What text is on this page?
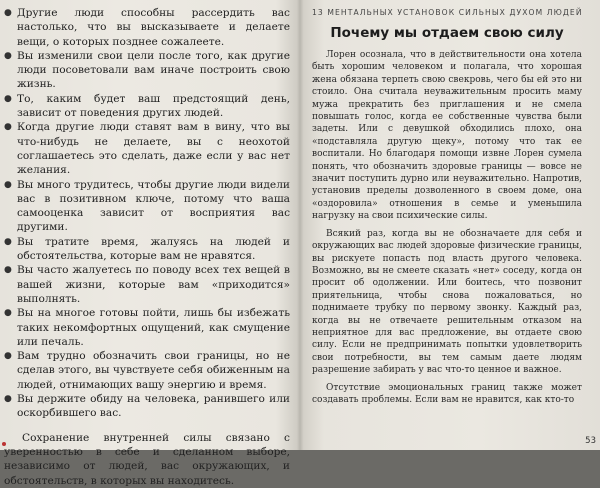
● Другие люди способны рассердить вас настолько, что вы высказываете и делаете вещи, о которых позднее сожалеете.
● Вы изменили свои цели после того, как другие люди посоветовали вам иначе построить свою жизнь.
● То, каким будет ваш предстоящий день, зависит от поведения других людей.
● Когда другие люди ставят вам в вину, что вы что-нибудь не делаете, вы с неохотой соглашаетесь это сделать, даже если у вас нет желания.
● Вы много трудитесь, чтобы другие люди видели вас в позитивном ключе, потому что ваша самооценка зависит от восприятия вас другими.
● Вы тратите время, жалуясь на людей и обстоятельства, которые вам не нравятся.
● Вы часто жалуетесь по поводу всех тех вещей в вашей жизни, которые вам «приходится» выполнять.
● Вы на многое готовы пойти, лишь бы избежать таких некомфортных ощущений, как смущение или печаль.
● Вам трудно обозначить свои границы, но не сделав этого, вы чувствуете себя обиженным на людей, отнимающих вашу энергию и время.
● Вы держите обиду на человека, ранившего или оскорбившего вас.

Сохранение внутренней силы связано с уверенностью в себе и сделанном выборе, независимо от людей, вас окружающих, и обстоятельств, в которых вы находитесь.

13 МЕНТАЛЬНЫХ УСТАНОВОК СИЛЬНЫХ ДУХОМ ЛЮДЕЙ
Почему мы отдаем свою силу

Лорен осознала, что в действительности она хотела быть хорошим человеком и полагала, что хорошая жена обязана терпеть свою свекровь, чего бы ей это ни стоило. Она считала неуважительным просить маму мужа прекратить без приглашения и не смела повышать голос, когда ее собственные чувства были задеты. Или с девушкой обходились плохо, она «подставляла другую щеку», потому что так ее воспитали. Но благодаря помощи извне Лорен сумела понять, что обозначить здоровые границы — вовсе не значит поступить дурно или неуважительно. Напротив, установив пределы дозволенного в своем доме, она «оздоровила» отношения в семье и уменьшила нагрузку на свои психические силы.

Всякий раз, когда вы не обозначаете для себя и окружающих вас людей здоровые физические границы, вы рискуете попасть под власть другого человека. Возможно, вы не смеете сказать «нет» соседу, когда он просит об одолжении. Или боитесь, что позвонит приятельница, чтобы снова пожаловаться, но поднимаете трубку по первому звонку. Каждый раз, когда вы не отвечаете решительным отказом на неприятное для вас предложение, вы отдаете свою силу. Если не предпринимать попытки удовлетворить свои потребности, вы тем самым даете людям разрешение забирать у вас что-то ценное и важное.

Отсутствие эмоциональных границ также может создавать проблемы. Если вам не нравится, как кто-то

53
